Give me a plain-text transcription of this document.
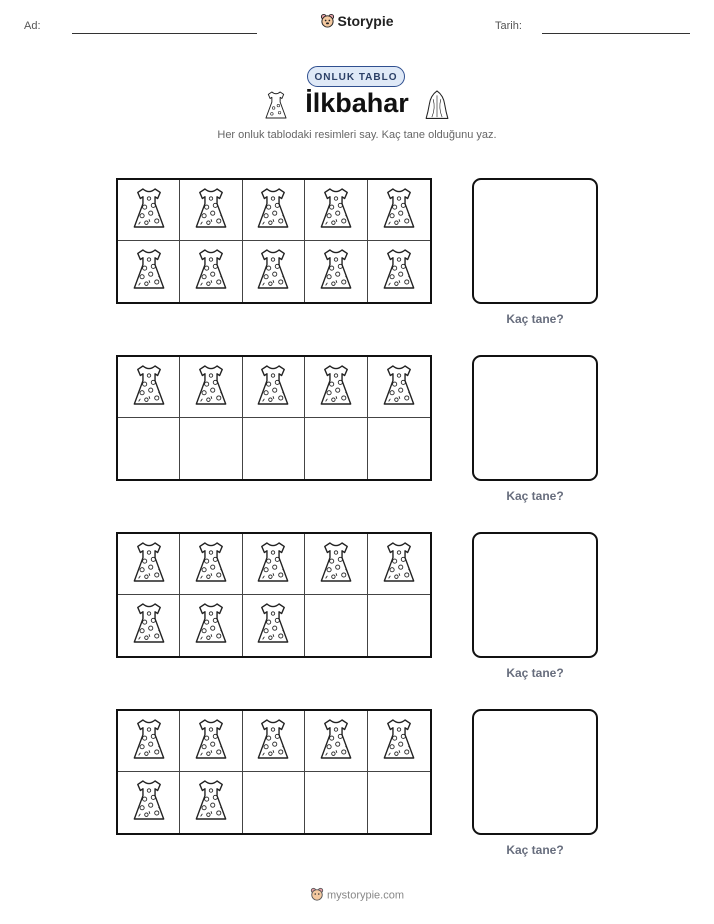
Ad:	Storypie	Tarih:
ONLUK TABLO
İlkbahar
Her onluk tablodaki resimleri say. Kaç tane olduğunu yaz.
Kaç tane?
Kaç tane?
Kaç tane?
Kaç tane?
mystorypie.com
